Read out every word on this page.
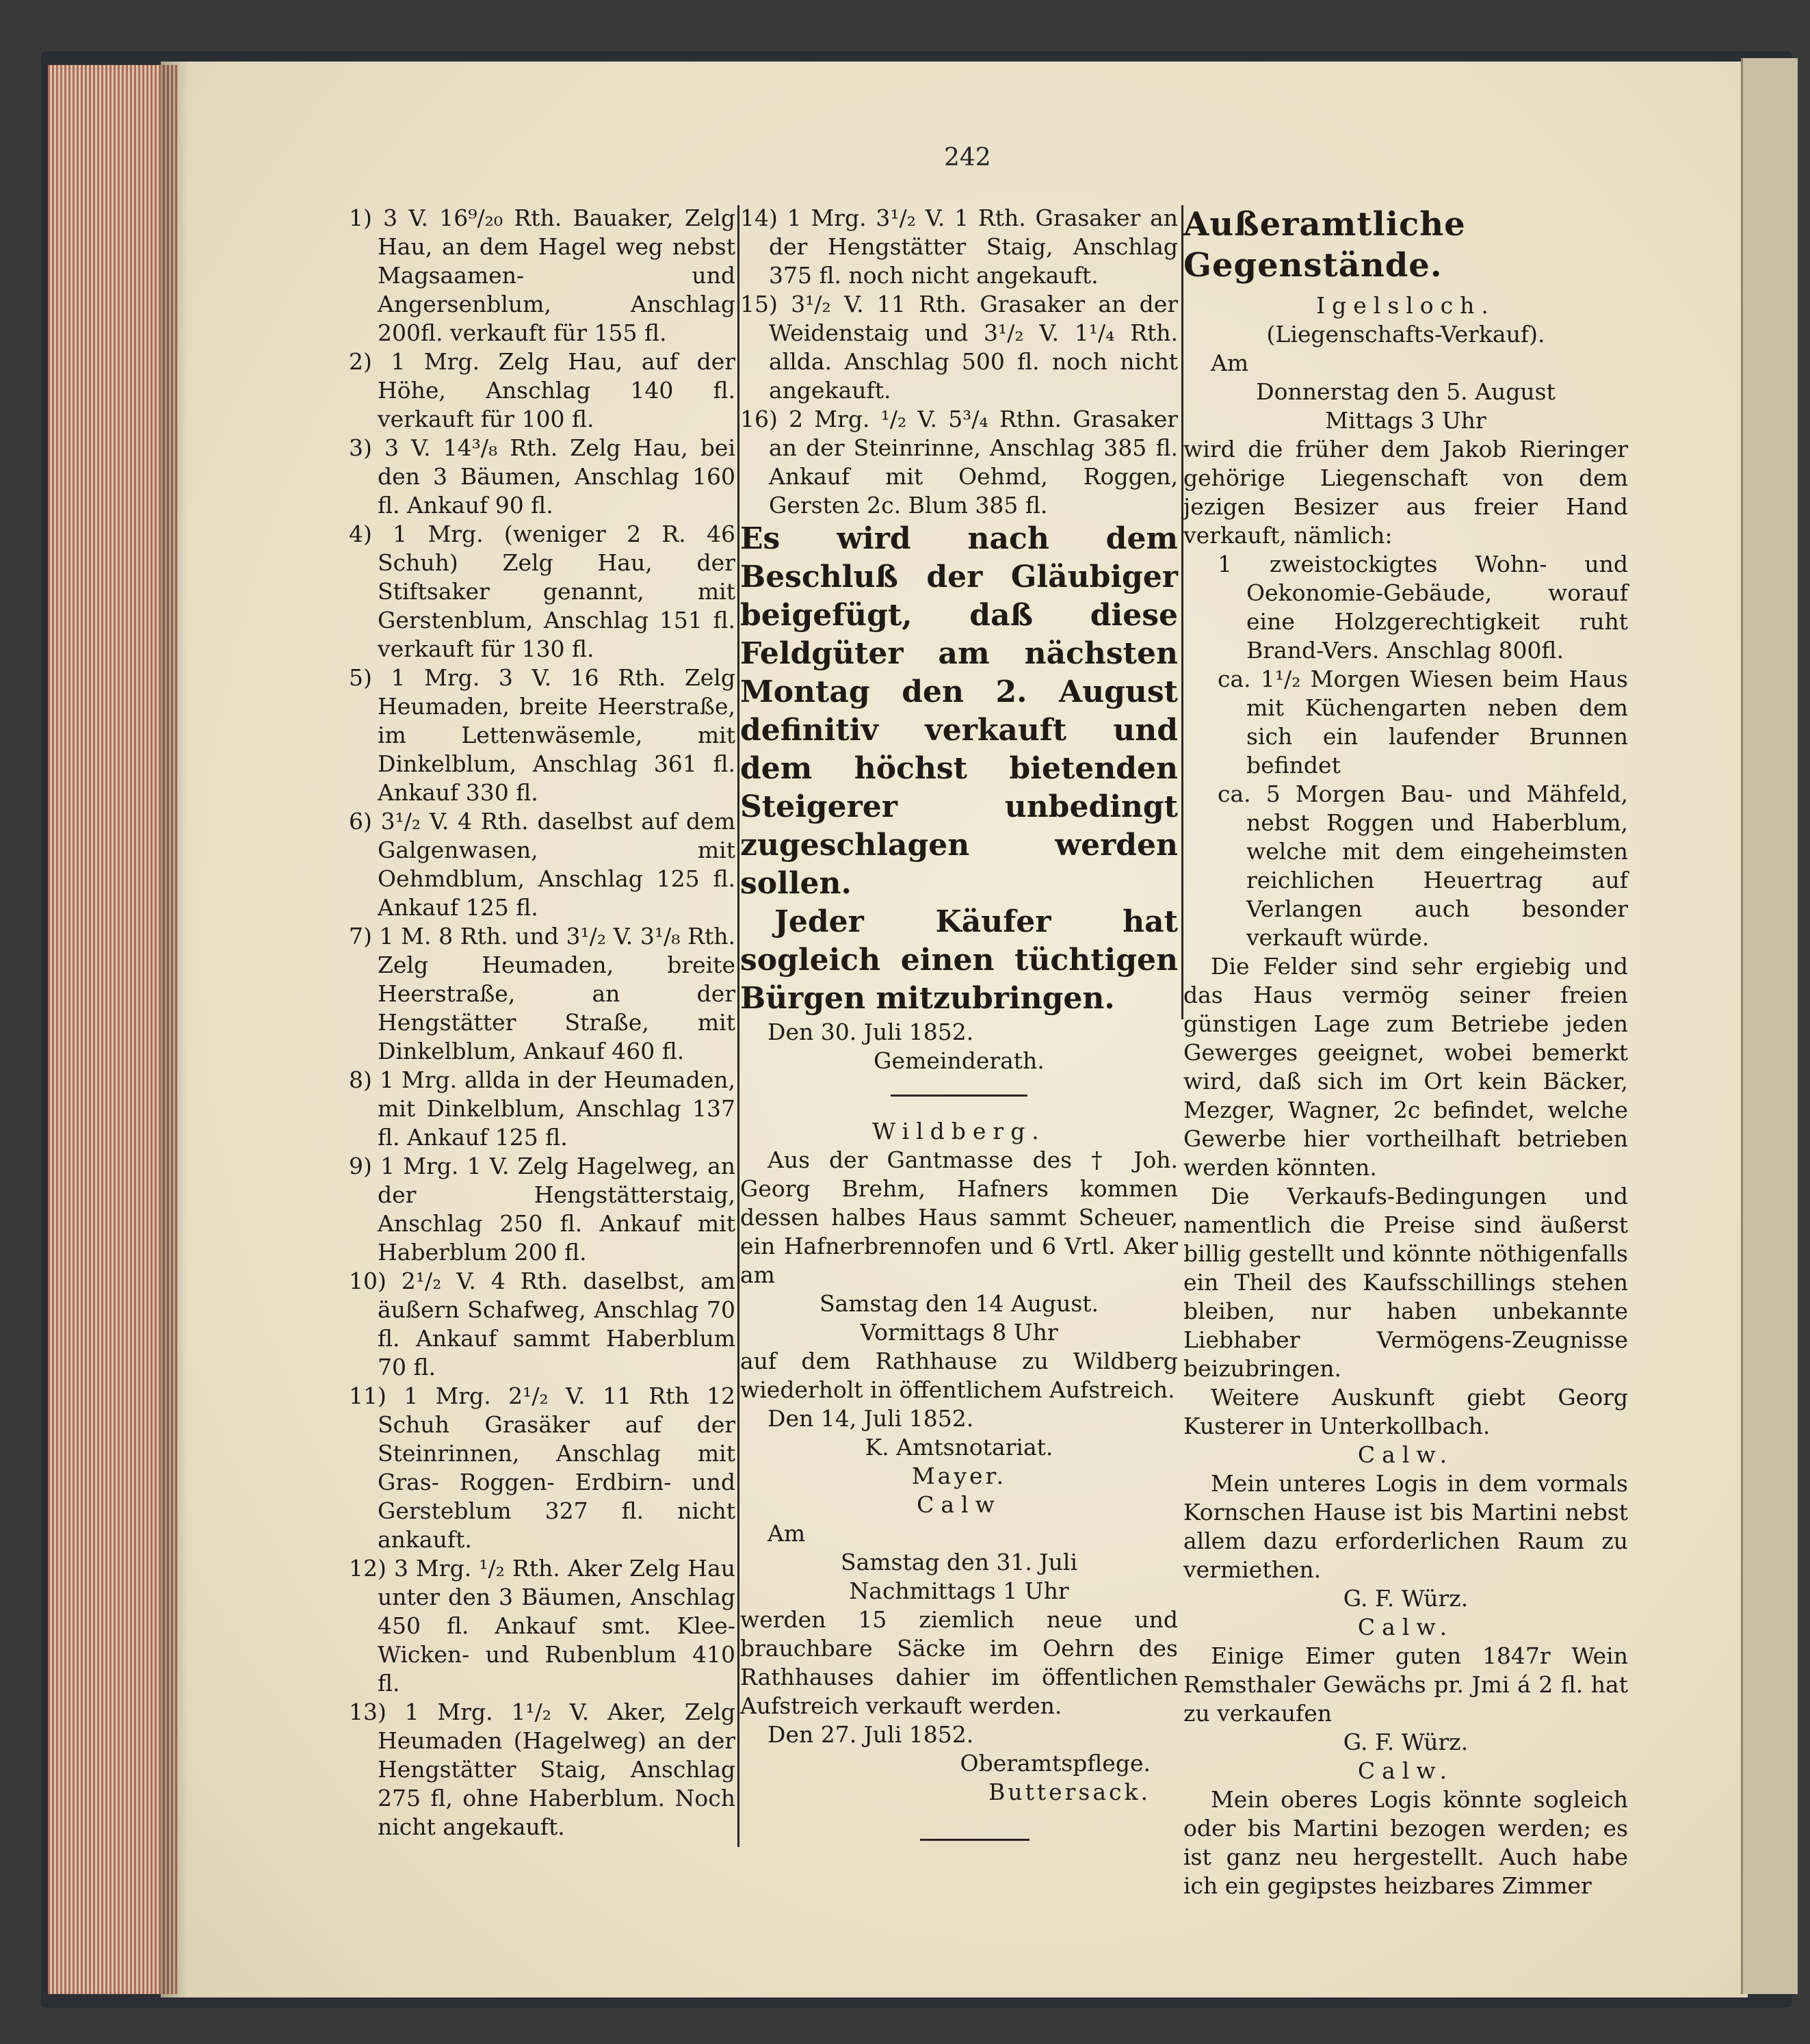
242

1) 3 V. 16⁹/₂₀ Rth. Bauaker, Zelg Hau, an dem Hagel weg nebst Magsaamen- und Angersenblum, Anschlag 200fl. verkauft für 155 fl.

2) 1 Mrg. Zelg Hau, auf der Höhe, Anschlag 140 fl. verkauft für 100 fl.

3) 3 V. 14³/₈ Rth. Zelg Hau, bei den 3 Bäumen, Anschlag 160 fl. Ankauf 90 fl.

4) 1 Mrg. (weniger 2 R. 46 Schuh) Zelg Hau, der Stiftsaker genannt, mit Gerstenblum, Anschlag 151 fl. verkauft für 130 fl.

5) 1 Mrg. 3 V. 16 Rth. Zelg Heumaden, breite Heerstraße, im Lettenwäsemle, mit Dinkelblum, Anschlag 361 fl. Ankauf 330 fl.

6) 3¹/₂ V. 4 Rth. daselbst auf dem Galgenwasen, mit Oehmdblum, Anschlag 125 fl. Ankauf 125 fl.

7) 1 M. 8 Rth. und 3¹/₂ V. 3¹/₈ Rth. Zelg Heumaden, breite Heerstraße, an der Hengstätter Straße, mit Dinkelblum, Ankauf 460 fl.

8) 1 Mrg. allda in der Heumaden, mit Dinkelblum, Anschlag 137 fl. Ankauf 125 fl.

9) 1 Mrg. 1 V. Zelg Hagelweg, an der Hengstätterstaig, Anschlag 250 fl. Ankauf mit Haberblum 200 fl.

10) 2¹/₂ V. 4 Rth. daselbst, am äußern Schafweg, Anschlag 70 fl. Ankauf sammt Haberblum 70 fl.

11) 1 Mrg. 2¹/₂ V. 11 Rth 12 Schuh Grasäker auf der Steinrinnen, Anschlag mit Gras- Roggen- Erdbirn- und Gersteblum 327 fl. nicht ankauft.

12) 3 Mrg. ¹/₂ Rth. Aker Zelg Hau unter den 3 Bäumen, Anschlag 450 fl. Ankauf smt. Klee- Wicken- und Rubenblum 410 fl.

13) 1 Mrg. 1¹/₂ V. Aker, Zelg Heumaden (Hagelweg) an der Hengstätter Staig, Anschlag 275 fl, ohne Haberblum. Noch nicht angekauft.

14) 1 Mrg. 3¹/₂ V. 1 Rth. Grasaker an der Hengstätter Staig, Anschlag 375 fl. noch nicht angekauft.

15) 3¹/₂ V. 11 Rth. Grasaker an der Weidenstaig und 3¹/₂ V. 1¹/₄ Rth. allda. Anschlag 500 fl. noch nicht angekauft.

16) 2 Mrg. ¹/₂ V. 5³/₄ Rthn. Grasaker an der Steinrinne, Anschlag 385 fl. Ankauf mit Oehmd, Roggen, Gersten 2c. Blum 385 fl.

Es wird nach dem Beschluß der Gläubiger beigefügt, daß diese Feldgüter am nächsten Montag den 2. August definitiv verkauft und dem höchst bietenden Steigerer unbedingt zugeschlagen werden sollen.

Jeder Käufer hat sogleich einen tüchtigen Bürgen mitzubringen.

Den 30. Juli 1852.

Gemeinderath.

Wildberg.

Aus der Gantmasse des † Joh. Georg Brehm, Hafners kommen dessen halbes Haus sammt Scheuer, ein Hafnerbrennofen und 6 Vrtl. Aker am

Samstag den 14 August.

Vormittags 8 Uhr

auf dem Rathhause zu Wildberg wiederholt in öffentlichem Aufstreich.

Den 14, Juli 1852.

K. Amtsnotariat.

Mayer.

Calw

Am

Samstag den 31. Juli

Nachmittags 1 Uhr

werden 15 ziemlich neue und brauchbare Säcke im Oehrn des Rathhauses dahier im öffentlichen Aufstreich verkauft werden.

Den 27. Juli 1852.

Oberamtspflege.

Buttersack.

Außeramtliche Gegenstände.

Igelsloch.

(Liegenschafts-Verkauf).

Am

Donnerstag den 5. August

Mittags 3 Uhr

wird die früher dem Jakob Rieringer gehörige Liegenschaft von dem jezigen Besizer aus freier Hand verkauft, nämlich:

1 zweistockigtes Wohn- und Oekonomie-Gebäude, worauf eine Holzgerechtigkeit ruht Brand-Vers. Anschlag 800fl.

ca. 1¹/₂ Morgen Wiesen beim Haus mit Küchengarten neben dem sich ein laufender Brunnen befindet

ca. 5 Morgen Bau- und Mähfeld, nebst Roggen und Haberblum, welche mit dem eingeheimsten reichlichen Heuertrag auf Verlangen auch besonder verkauft würde.

Die Felder sind sehr ergiebig und das Haus vermög seiner freien günstigen Lage zum Betriebe jeden Gewerges geeignet, wobei bemerkt wird, daß sich im Ort kein Bäcker, Mezger, Wagner, 2c befindet, welche Gewerbe hier vortheilhaft betrieben werden könnten.

Die Verkaufs-Bedingungen und namentlich die Preise sind äußerst billig gestellt und könnte nöthigenfalls ein Theil des Kaufsschillings stehen bleiben, nur haben unbekannte Liebhaber Vermögens-Zeugnisse beizubringen.

Weitere Auskunft giebt Georg Kusterer in Unterkollbach.

Calw.

Mein unteres Logis in dem vormals Kornschen Hause ist bis Martini nebst allem dazu erforderlichen Raum zu vermiethen.

G. F. Würz.

Calw.

Einige Eimer guten 1847r Wein Remsthaler Gewächs pr. Jmi á 2 fl. hat zu verkaufen

G. F. Würz.

Calw.

Mein oberes Logis könnte sogleich oder bis Martini bezogen werden; es ist ganz neu hergestellt. Auch habe ich ein gegipstes heizbares Zimmer
